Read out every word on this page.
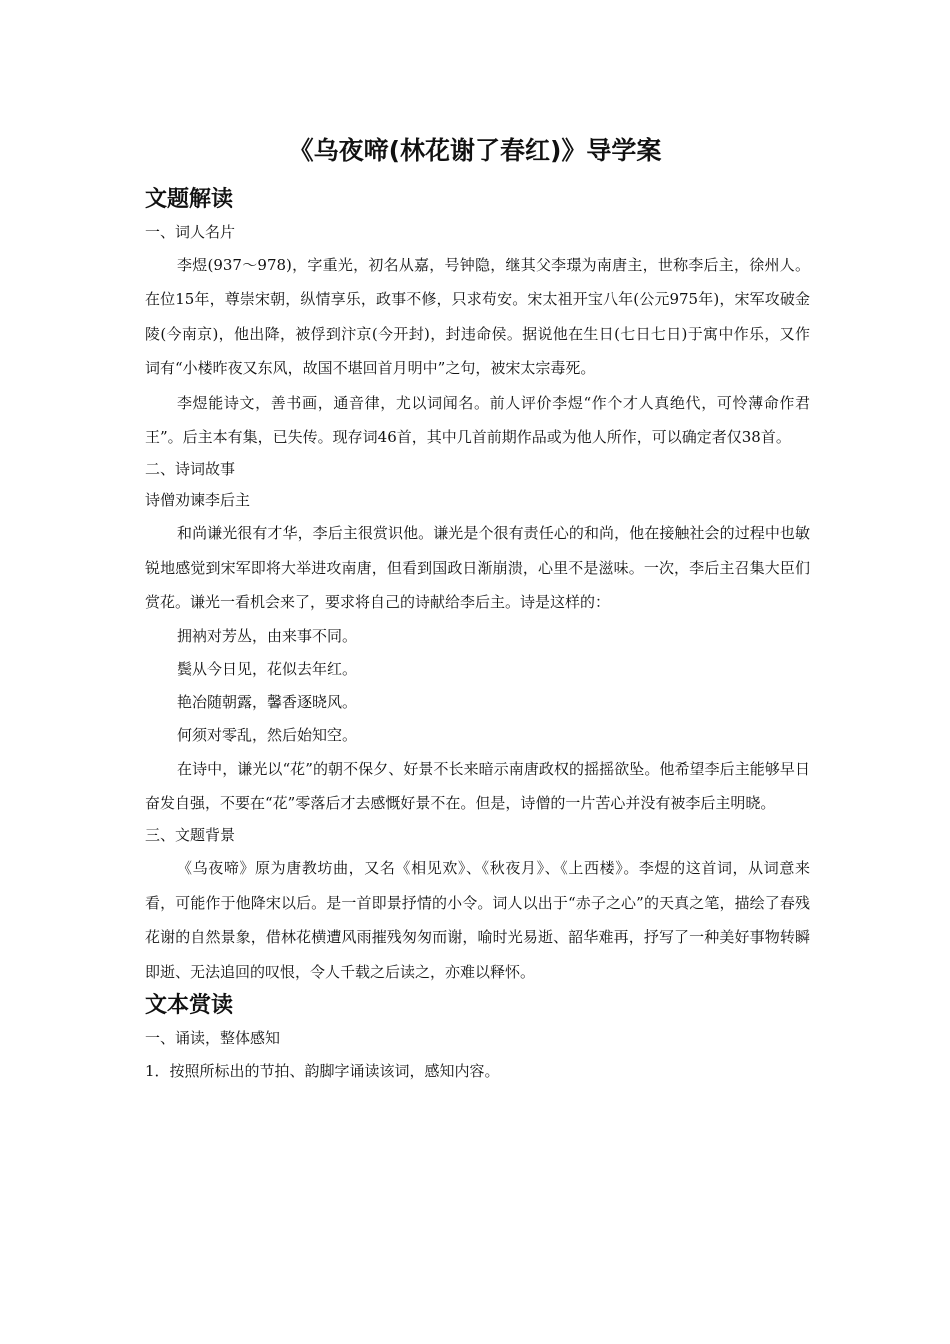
《乌夜啼(林花谢了春红)》导学案
文题解读
一、词人名片
李煜(937～978)，字重光，初名从嘉，号钟隐，继其父李璟为南唐主，世称李后主，徐州人。在位15年，尊崇宋朝，纵情享乐，政事不修，只求苟安。宋太祖开宝八年(公元975年)，宋军攻破金陵(今南京)，他出降，被俘到汴京(今开封)，封违命侯。据说他在生日(七日七日)于寓中作乐，又作词有“小楼昨夜又东风，故国不堪回首月明中”之句，被宋太宗毒死。
李煜能诗文，善书画，通音律，尤以词闻名。前人评价李煜“作个才人真绝代，可怜薄命作君王”。后主本有集，已失传。现存词46首，其中几首前期作品或为他人所作，可以确定者仅38首。
二、诗词故事
诗僧劝谏李后主
和尚谦光很有才华，李后主很赏识他。谦光是个很有责任心的和尚，他在接触社会的过程中也敏锐地感觉到宋军即将大举进攻南唐，但看到国政日渐崩溃，心里不是滋味。一次，李后主召集大臣们赏花。谦光一看机会来了，要求将自己的诗献给李后主。诗是这样的：
拥衲对芳丛，由来事不同。
鬓从今日见，花似去年红。
艳冶随朝露，馨香逐晓风。
何须对零乱，然后始知空。
在诗中，谦光以“花”的朝不保夕、好景不长来暗示南唐政权的摇摇欲坠。他希望李后主能够早日奋发自强，不要在“花”零落后才去感慨好景不在。但是，诗僧的一片苦心并没有被李后主明晓。
三、文题背景
《乌夜啼》原为唐教坊曲，又名《相见欢》、《秋夜月》、《上西楼》。李煜的这首词，从词意来看，可能作于他降宋以后。是一首即景抒情的小令。词人以出于“赤子之心”的天真之笔，描绘了春残花谢的自然景象，借林花横遭风雨摧残匆匆而谢，喻时光易逝、韶华难再，抒写了一种美好事物转瞬即逝、无法追回的叹恨，令人千载之后读之，亦难以释怀。
文本赏读
一、诵读，整体感知
1．按照所标出的节拍、韵脚字诵读该词，感知内容。
